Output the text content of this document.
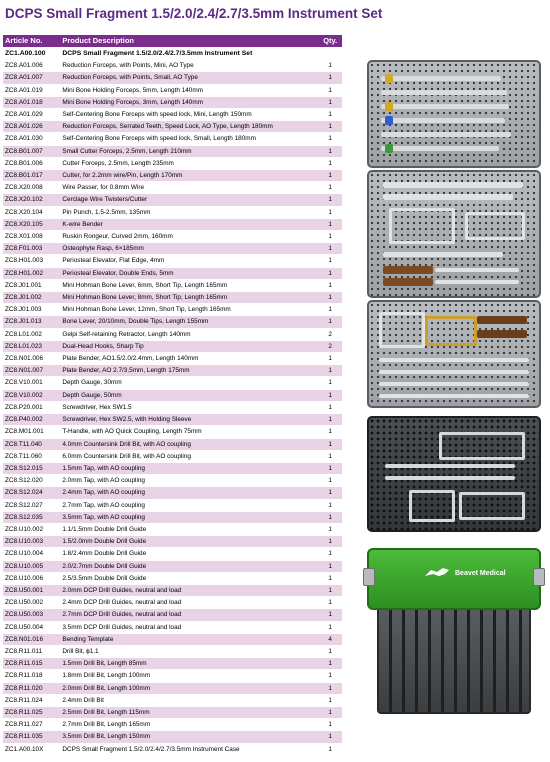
DCPS Small Fragment 1.5/2.0/2.4/2.7/3.5mm Instrument Set
Article No.	Product Description	Qty.
ZC1.A00.100	DCPS Small Fragment 1.5/2.0/2.4/2.7/3.5mm Instrument Set	
ZC8.A01.006	Reduction Forceps, with Points, Mini, AO Type	1
ZC8.A01.007	Reduction Forceps, with Points, Small, AO Type	1
ZC8.A01.019	Mini Bone Holding Forceps, 5mm, Length 140mm	1
ZC8.A01.018	Mini Bone Holding Forceps, 3mm, Length 140mm	1
ZC8.A01.029	Self-Centering Bone Forceps with speed lock, Mini, Length 150mm	1
ZC8.A01.026	Reduction Forceps, Serrated Teeth, Speed Lock, AO Type, Length 180mm	1
ZC8.A01.030	Self-Centering Bone Forceps with speed lock, Small, Length 180mm	1
ZC8.B01.007	Small Cutter Forceps, 2.5mm, Length 210mm	1
ZC8.B01.006	Cutter Forceps, 2.5mm, Length 235mm	1
ZC8.B01.017	Cutter, for 2.2mm wire/Pin, Length 170mm	1
ZC8.X20.008	Wire Passer, for 0.8mm Wire	1
ZC8.X20.102	Cerclage Wire Twisters/Cutter	1
ZC8.X20.104	Pin Punch, 1.5-2.5mm, 135mm	1
ZC8.X20.105	K-wire Bender	1
ZC8.X01.008	Ruskin Rongeur, Curved 2mm, 160mm	1
ZC8.F01.003	Osteophyte Rasp, 6×185mm	1
ZC8.H01.003	Periosteal Elevator, Flat Edge, 4mm	1
ZC8.H01.002	Periosteal Elevator, Double Ends, 5mm	1
ZC8.J01.001	Mini Hohman Bone Lever, 6mm, Short Tip, Length 165mm	1
ZC8.J01.002	Mini Hohman Bone Lever, 8mm, Short Tip, Length 165mm	1
ZC8.J01.003	Mini Hohman Bone Lever, 12mm, Short Tip, Length 165mm	1
ZC8.J01.013	Bone Lever, 20/10mm, Double Tips, Length 155mm	1
ZC8.L01.002	Gelpi Self-retaining Retractor, Length 140mm	2
ZC8.L01.023	Dual-Head Hooks, Sharp Tip	2
ZC8.N01.006	Plate Bender, AO1.5/2.0/2.4mm, Length 140mm	1
ZC8.N01.007	Plate Bender, AO 2.7/3.5mm, Length 175mm	1
ZC8.V10.001	Depth Gauge, 30mm	1
ZC8.V10.002	Depth Gauge, 50mm	1
ZC8.P20.001	Screwdriver, Hex SW1.5	1
ZC8.P40.002	Screwdriver, Hex SW2.5, with Holding Sleeve	1
ZC8.M01.001	T-Handle, with AO Quick Coupling, Length 75mm	1
ZC8.T11.040	4.0mm Countersink Drill Bit, with AO coupling	1
ZC8.T11.060	6.0mm Countersink Drill Bit, with AO coupling	1
ZC8.S12.015	1.5mm Tap, with AO coupling	1
ZC8.S12.020	2.0mm Tap, with AO coupling	1
ZC8.S12.024	2.4mm Tap, with AO coupling	1
ZC8.S12.027	2.7mm Tap, with AO coupling	1
ZC8.S12.035	3.5mm Tap, with AO coupling	1
ZC8.U10.002	1.1/1.5mm Double Drill Guide	1
ZC8.U10.003	1.5/2.0mm Double Drill Guide	1
ZC8.U10.004	1.8/2.4mm Double Drill Guide	1
ZC8.U10.005	2.0/2.7mm Double Drill Guide	1
ZC8.U10.006	2.5/3.5mm Double Drill Guide	1
ZC8.U50.001	2.0mm DCP Drill Guides, neutral and load	1
ZC8.U50.002	2.4mm DCP Drill Guides, neutral and load	1
ZC8.U50.003	2.7mm DCP Drill Guides, neutral and load	1
ZC8.U50.004	3.5mm DCP Drill Guides, neutral and load	1
ZC8.N01.016	Bending Template	4
ZC8.R11.011	Drill Bit, ϕ1.1	1
ZC8.R11.015	1.5mm Drill Bit, Length 85mm	1
ZC8.R11.018	1.8mm Drill Bit, Length 100mm	1
ZC8.R11.020	2.0mm Drill Bit, Length 100mm	1
ZC8.R11.024	2.4mm Drill Bit	1
ZC8.R11.025	2.5mm Drill Bit, Length 115mm	1
ZC8.R11.027	2.7mm Drill Bit, Length 165mm	1
ZC8.R11.035	3.5mm Drill Bit, Length 150mm	1
ZC1.A00.10X	DCPS Small Fragment 1.5/2.0/2.4/2.7/3.5mm Instrument Case	1
Beavet Medical
